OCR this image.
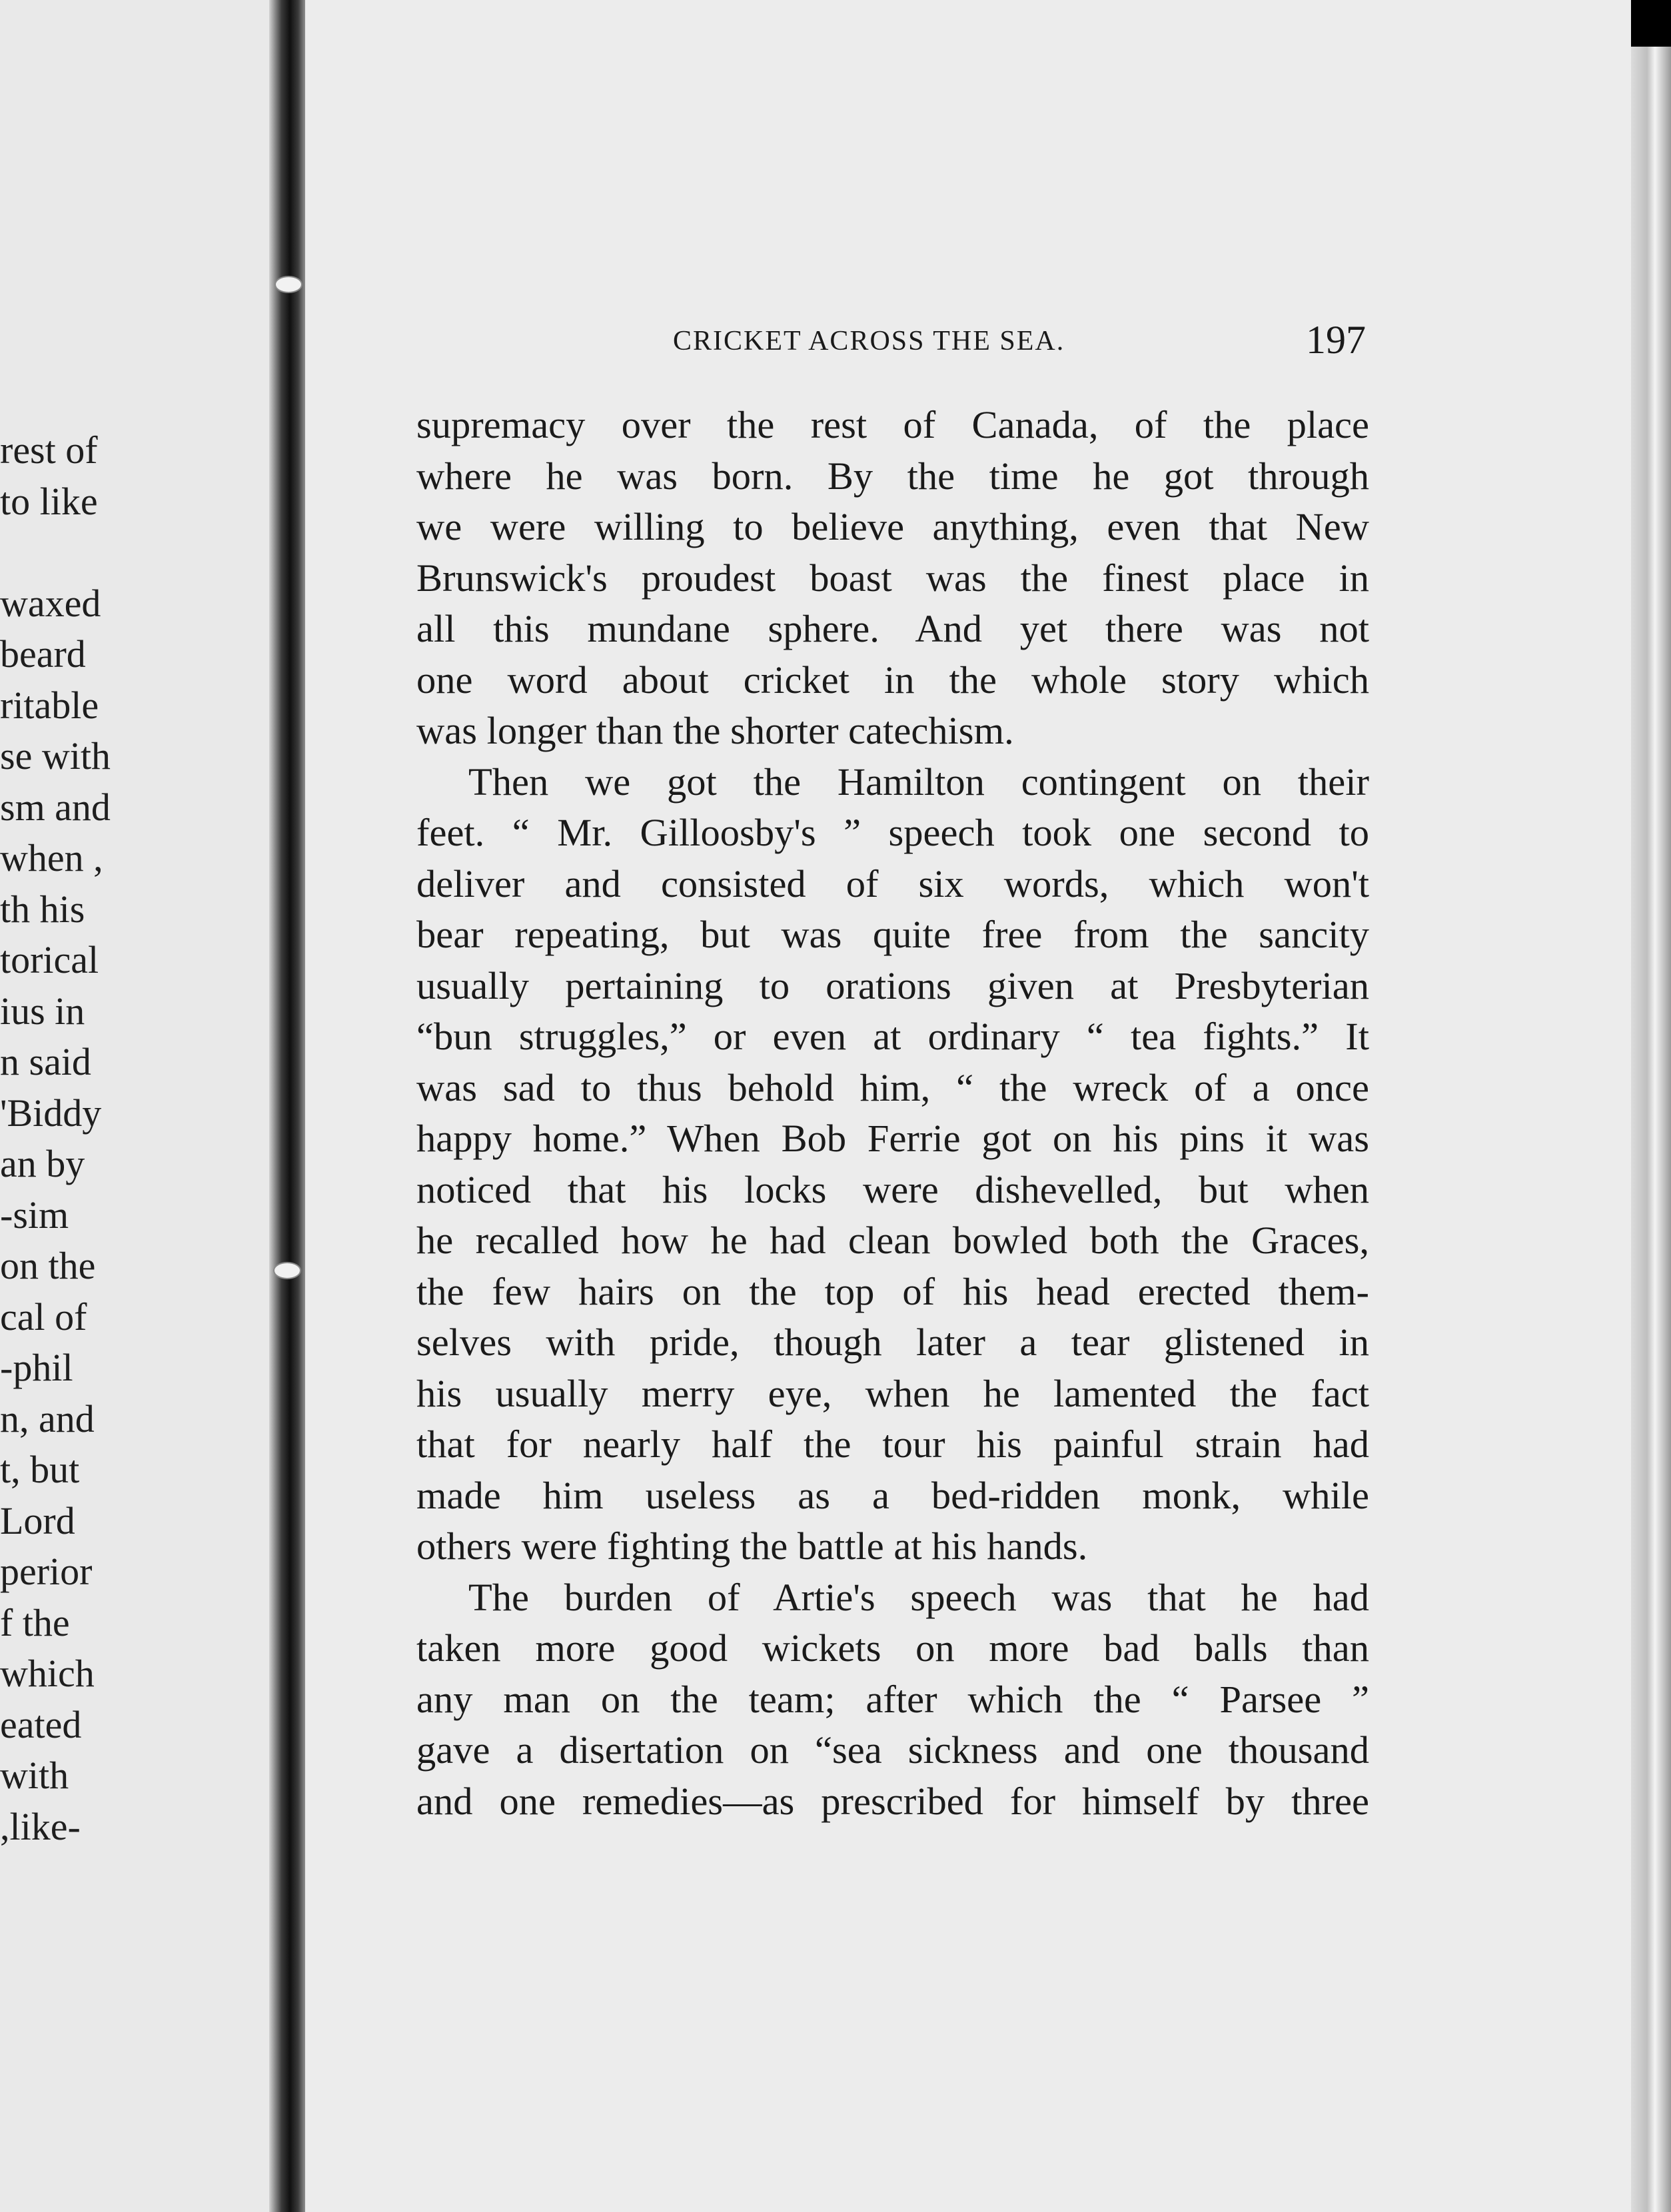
rest of
to like
waxed
beard
ritable
se with
sm and
, when
th his
torical
ius in
n said
Biddy'
an by
sim-
on the
cal of
phil-
n, and
t, but
Lord
perior
f the
which
eated
with
-like,
CRICKET ACROSS THE SEA.	197
supremacy over the rest of Canada, of the place
where he was born. By the time he got through
we were willing to believe anything, even that New
Brunswick's proudest boast was the finest place in
all this mundane sphere. And yet there was not
one word about cricket in the whole story which
was longer than the shorter catechism.
Then we got the Hamilton contingent on their
feet. “ Mr. Gilloosby's ” speech took one second to
deliver and consisted of six words, which won't
bear repeating, but was quite free from the sancity
usually pertaining to orations given at Presbyterian
“bun struggles,” or even at ordinary “ tea fights.” It
was sad to thus behold him, “ the wreck of a once
happy home.” When Bob Ferrie got on his pins it was
noticed that his locks were dishevelled, but when
he recalled how he had clean bowled both the Graces,
the few hairs on the top of his head erected them-
selves with pride, though later a tear glistened in
his usually merry eye, when he lamented the fact
that for nearly half the tour his painful strain had
made him useless as a bed-ridden monk, while
others were fighting the battle at his hands.
The burden of Artie's speech was that he had
taken more good wickets on more bad balls than
any man on the team; after which the “ Parsee ”
gave a disertation on “sea sickness and one thousand
and one remedies—as prescribed for himself by three
